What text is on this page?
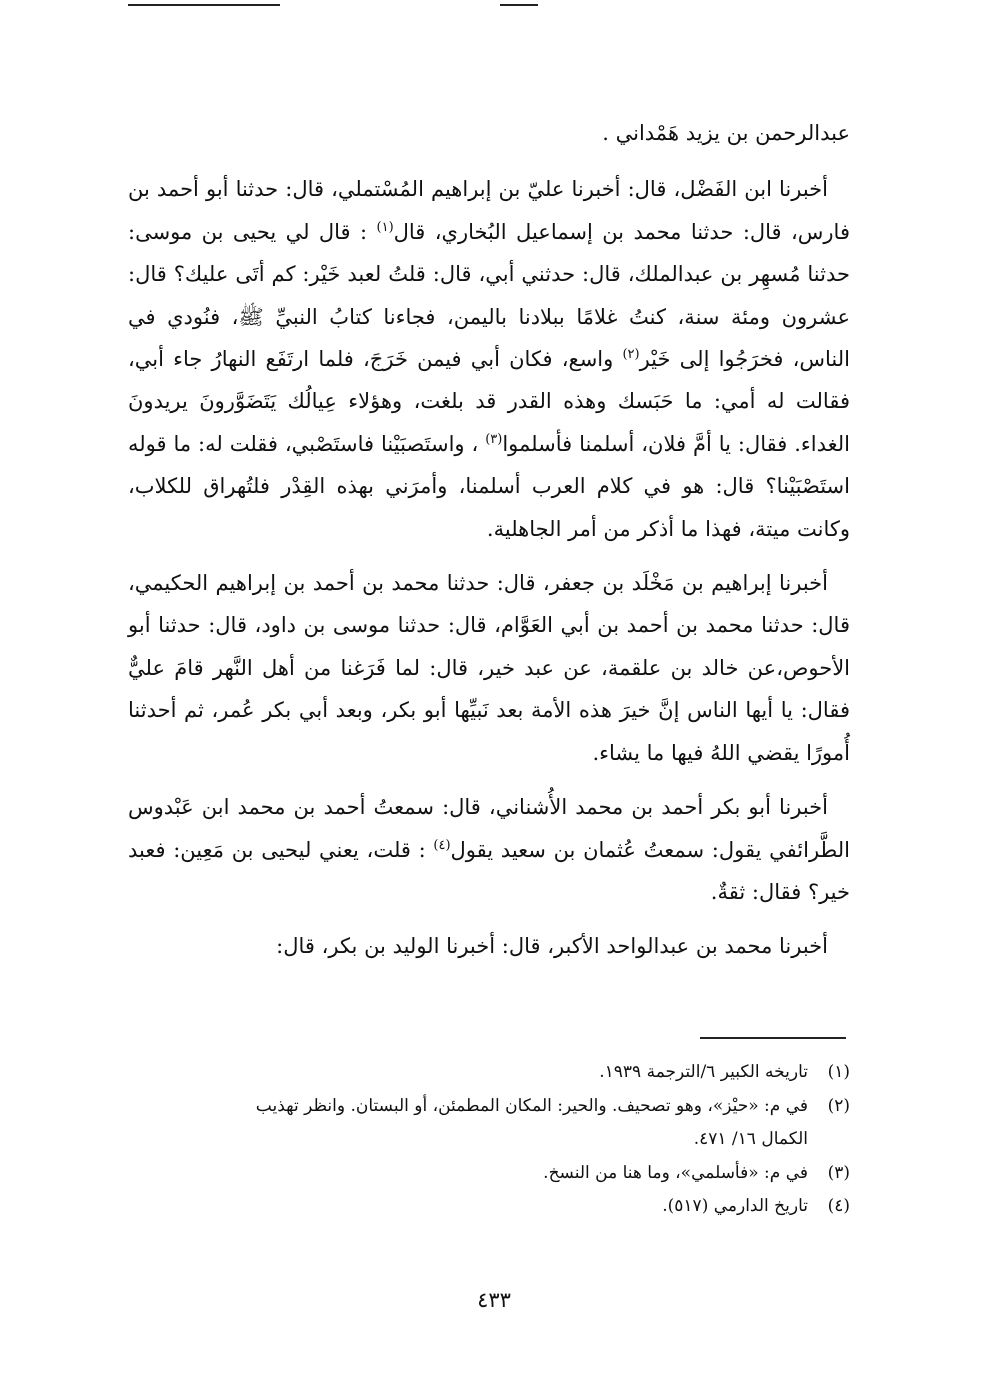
عبدالرحمن بن يزيد هَمْداني .

أخبرنا ابن الفَضْل، قال: أخبرنا عليّ بن إبراهيم المُسْتملي، قال: حدثنا أبو أحمد بن فارس، قال: حدثنا محمد بن إسماعيل البُخاري، قال$^{(١)}$ : قال لي يحيى بن موسى: حدثنا مُسهِر بن عبدالملك، قال: حدثني أبي، قال: قلتُ لعبد خَيْر: كم أتَى عليك؟ قال: عشرون ومئة سنة، كنتُ غلامًا ببلادنا باليمن، فجاءنا كتابُ النبيِّ ﷺ، فنُودي في الناس، فخرَجُوا إلى خَيْر$^{(٢)}$ واسع، فكان أبي فيمن خَرَجَ، فلما ارتَفَع النهارُ جاء أبي، فقالت له أمي: ما حَبَسك وهذه القدر قد بلغت، وهؤلاء عِيالُك يَتَضَوَّرونَ يريدونَ الغداء. فقال: يا أمَّ فلان، أسلمنا فأسلموا$^{(٣)}$ ، واستَصبَيْنا فاستَصْبي، فقلت له: ما قوله استَصْبَيْنا؟ قال: هو في كلام العرب أسلمنا، وأمرَني بهذه القِدْر فلتُهراق للكلاب، وكانت ميتة، فهذا ما أذكر من أمر الجاهلية.

أخبرنا إبراهيم بن مَخْلَد بن جعفر، قال: حدثنا محمد بن أحمد بن إبراهيم الحكيمي، قال: حدثنا محمد بن أحمد بن أبي العَوَّام، قال: حدثنا موسى بن داود، قال: حدثنا أبو الأحوص،عن خالد بن علقمة، عن عبد خير، قال: لما فَرَغنا من أهل النَّهر قامَ عليٌّ فقال: يا أيها الناس إنَّ خيرَ هذه الأمة بعد نَبيِّها أبو بكر، وبعد أبي بكر عُمر، ثم أحدثنا أُمورًا يقضي اللهُ فيها ما يشاء.

أخبرنا أبو بكر أحمد بن محمد الأُشناني، قال: سمعتُ أحمد بن محمد ابن عَبْدوس الطَّرائفي يقول: سمعتُ عُثمان بن سعيد يقول$^{(٤)}$ : قلت، يعني ليحيى بن مَعِين: فعبد خير؟ فقال: ثقةٌ.

أخبرنا محمد بن عبدالواحد الأكبر، قال: أخبرنا الوليد بن بكر، قال:

(١)تاريخه الكبير ٦/الترجمة ١٩٣٩.

(٢)في م: «حيْز»، وهو تصحيف. والحير: المكان المطمئن، أو البستان. وانظر تهذيب

الكمال ١٦/ ٤٧١.

(٣)في م: «فأسلمي»، وما هنا من النسخ.

(٤)تاريخ الدارمي (٥١٧).

٤٣٣
